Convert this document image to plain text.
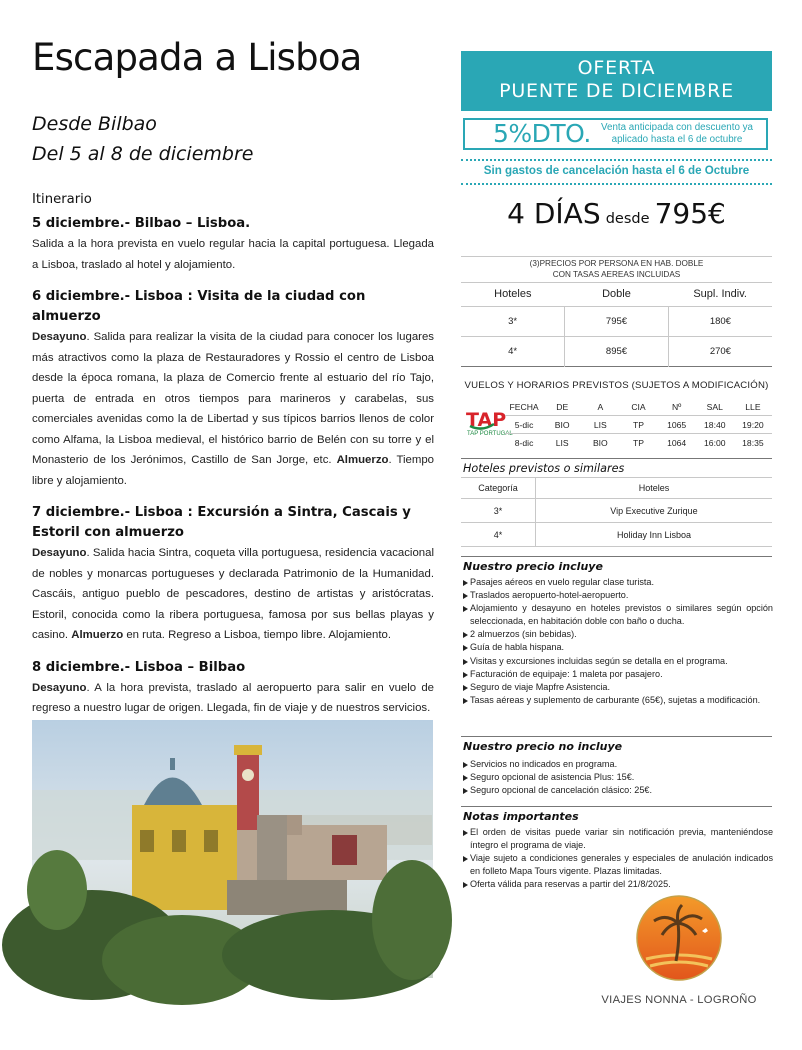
Escapada a Lisboa
Desde Bilbao
Del 5 al 8 de diciembre
Itinerario
5 diciembre.- Bilbao – Lisboa.

Salida a la hora prevista en vuelo regular hacia la capital portuguesa. Llegada a Lisboa, traslado al hotel y alojamiento.

6 diciembre.- Lisboa : Visita de la ciudad con almuerzo

Desayuno. Salida para realizar la visita de la ciudad para conocer los lugares más atractivos como la plaza de Restauradores y Rossio el centro de Lisboa desde la época romana, la plaza de Comercio frente al estuario del río Tajo, puerta de entrada en otros tiempos para marineros y carabelas, sus comerciales avenidas como la de Libertad y sus típicos barrios llenos de color como Alfama, la Lisboa medieval, el histórico barrio de Belén con su torre y el Monasterio de los Jerónimos, Castillo de San Jorge, etc. Almuerzo. Tiempo libre y alojamiento.

7 diciembre.- Lisboa : Excursión a Sintra, Cascais y Estoril con almuerzo

Desayuno. Salida hacia Sintra, coqueta villa portuguesa, residencia vacacional de nobles y monarcas portugueses y declarada Patrimonio de la Humanidad. Cascáis, antiguo pueblo de pescadores, destino de artistas y aristócratas. Estoril, conocida como la ribera portuguesa, famosa por sus bellas playas y casino. Almuerzo en ruta. Regreso a Lisboa, tiempo libre. Alojamiento.

8 diciembre.- Lisboa – Bilbao

Desayuno. A la hora prevista, traslado al aeropuerto para salir en vuelo de regreso a nuestro lugar de origen. Llegada, fin de viaje y de nuestros servicios.

OFERTA
PUENTE DE DICIEMBRE
5%DTO.	Venta anticipada con descuento ya aplicado hasta el 6 de octubre
Sin gastos de cancelación hasta el 6 de Octubre
4 DÍAS desde 795€
(3)PRECIOS POR PERSONA EN HAB. DOBLE
CON TASAS AEREAS INCLUIDAS
Hoteles	Doble	Supl. Indiv.
3*	795€	180€
4*	895€	270€
VUELOS Y HORARIOS PREVISTOS (SUJETOS A MODIFICACIÓN)
TAP
TAP PORTUGAL
FECHA	DE	A	CIA	Nº	SAL	LLE
5-dic	BIO	LIS	TP	1065	18:40	19:20
8-dic	LIS	BIO	TP	1064	16:00	18:35
Hoteles previstos o similares
Categoría	Hoteles
3*	Vip Executive Zurique
4*	Holiday Inn Lisboa
Nuestro precio incluye
Pasajes aéreos en vuelo regular clase turista.
Traslados aeropuerto-hotel-aeropuerto.
Alojamiento y desayuno en hoteles previstos o similares según opción seleccionada, en habitación doble con baño o ducha.
2 almuerzos (sin bebidas).
Guía de habla hispana.
Visitas y excursiones incluidas según se detalla en el programa.
Facturación de equipaje: 1 maleta por pasajero.
Seguro de viaje Mapfre Asistencia.
Tasas aéreas y suplemento de carburante (65€), sujetas a modificación.
Nuestro precio no incluye
Servicios no indicados en programa.
Seguro opcional de asistencia Plus: 15€.
Seguro opcional de cancelación clásico: 25€.
Notas importantes
El orden de visitas puede variar sin notificación previa, manteniéndose íntegro el programa de viaje.
Viaje sujeto a condiciones generales y especiales de anulación indicados en folleto Mapa Tours vigente. Plazas limitadas.
Oferta válida para reservas a partir del 21/8/2025.
VIAJES NONNA - LOGROÑO
